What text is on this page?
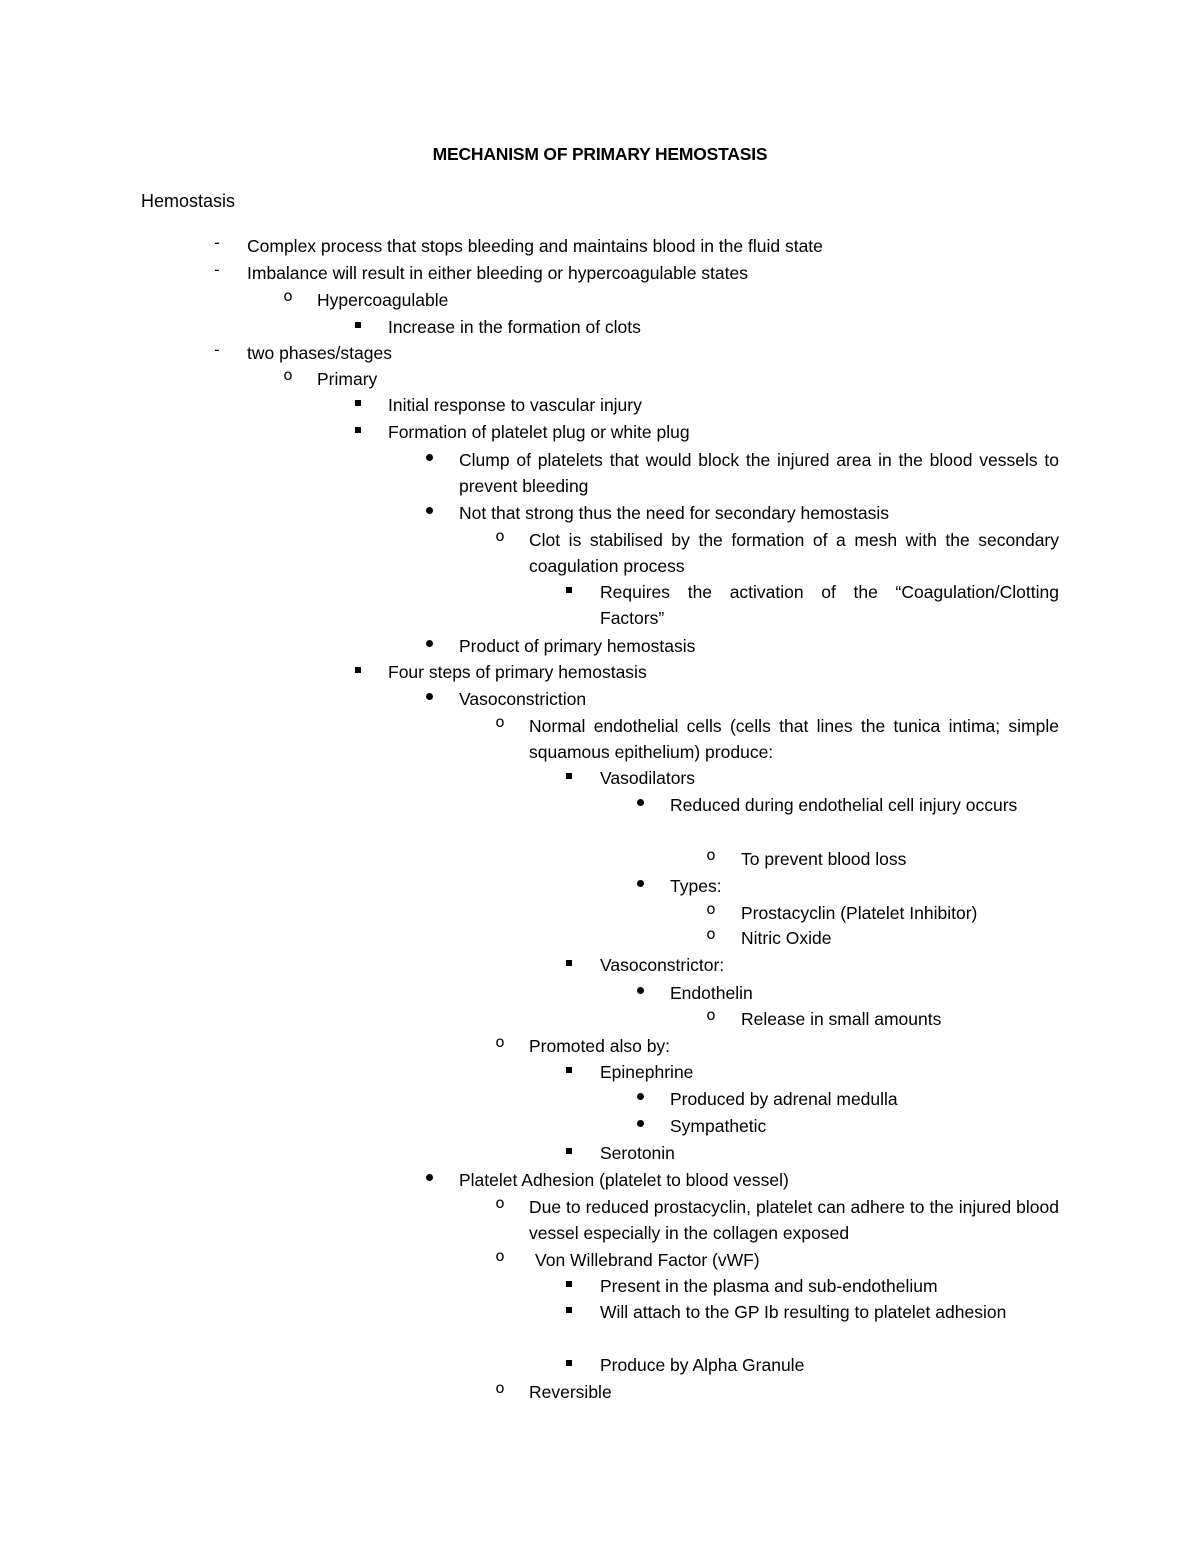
MECHANISM OF PRIMARY HEMOSTASIS
Hemostasis
-	Complex process that stops bleeding and maintains blood in the fluid state
-	Imbalance will result in either bleeding or hypercoagulable states
o	Hypercoagulable
Increase in the formation of clots
-	two phases/stages
o	Primary
Initial response to vascular injury
Formation of platelet plug or white plug
Clump of platelets that would block the injured area in the blood vessels to prevent bleeding
Not that strong thus the need for secondary hemostasis
o	Clot is stabilised by the formation of a mesh with the secondary coagulation process
Requires the activation of the “Coagulation/Clotting Factors”
Product of primary hemostasis
Four steps of primary hemostasis
Vasoconstriction
o	Normal endothelial cells (cells that lines the tunica intima; simple squamous epithelium) produce:
Vasodilators
Reduced during endothelial cell injury occurs
o	To prevent blood loss
Types:
o	Prostacyclin (Platelet Inhibitor)
o	Nitric Oxide
Vasoconstrictor:
Endothelin
o	Release in small amounts
o	Promoted also by:
Epinephrine
Produced by adrenal medulla
Sympathetic
Serotonin
Platelet Adhesion (platelet to blood vessel)
o	Due to reduced prostacyclin, platelet can adhere to the injured blood vessel especially in the collagen exposed
o	Von Willebrand Factor (vWF)
Present in the plasma and sub-endothelium
Will attach to the GP Ib resulting to platelet adhesion
Produce by Alpha Granule
o	Reversible
